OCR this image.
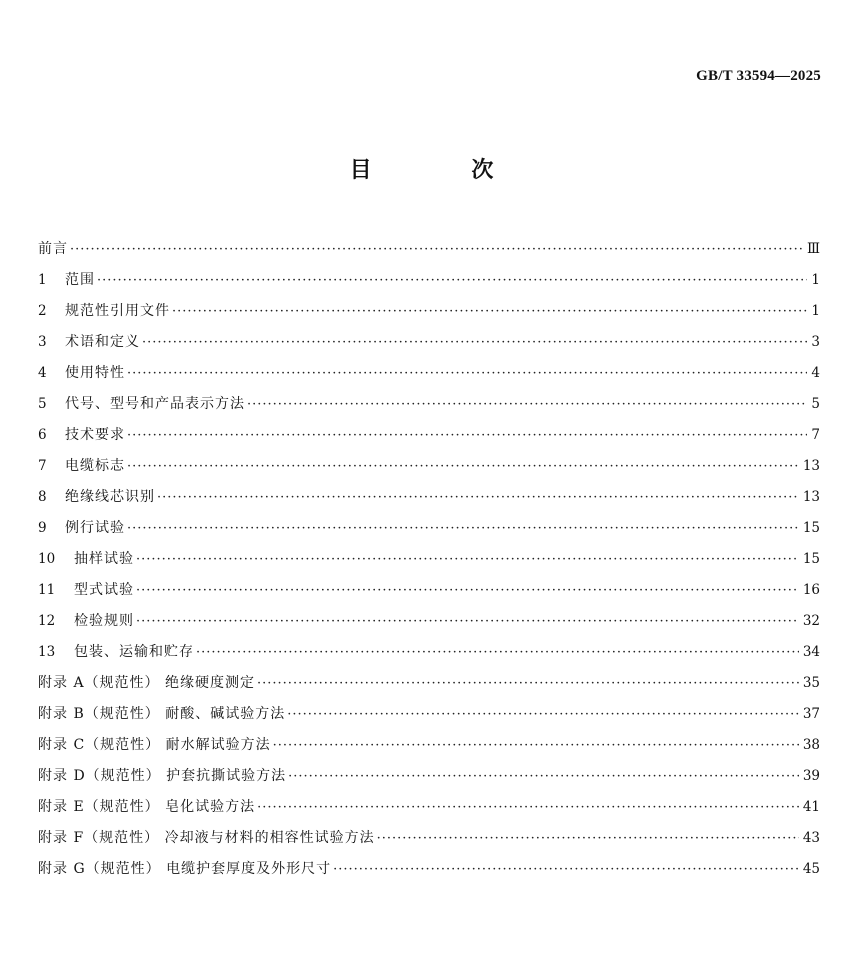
GB/T 33594—2025
目 次
前言 ·····	Ⅲ
1	范围 ·····	1
2	规范性引用文件 ·····	1
3	术语和定义 ·····	3
4	使用特性 ·····	4
5	代号、型号和产品表示方法 ·····	5
6	技术要求 ·····	7
7	电缆标志 ·····	13
8	绝缘线芯识别 ·····	13
9	例行试验 ·····	15
10	抽样试验 ·····	15
11	型式试验 ·····	16
12	检验规则 ·····	32
13	包装、运输和贮存 ·····	34
附录 A（规范性） 绝缘硬度测定 ·····	35
附录 B（规范性） 耐酸、碱试验方法 ·····	37
附录 C（规范性） 耐水解试验方法 ·····	38
附录 D（规范性） 护套抗撕试验方法 ·····	39
附录 E（规范性） 皂化试验方法 ·····	41
附录 F（规范性） 冷却液与材料的相容性试验方法 ·····	43
附录 G（规范性） 电缆护套厚度及外形尺寸 ·····	45
